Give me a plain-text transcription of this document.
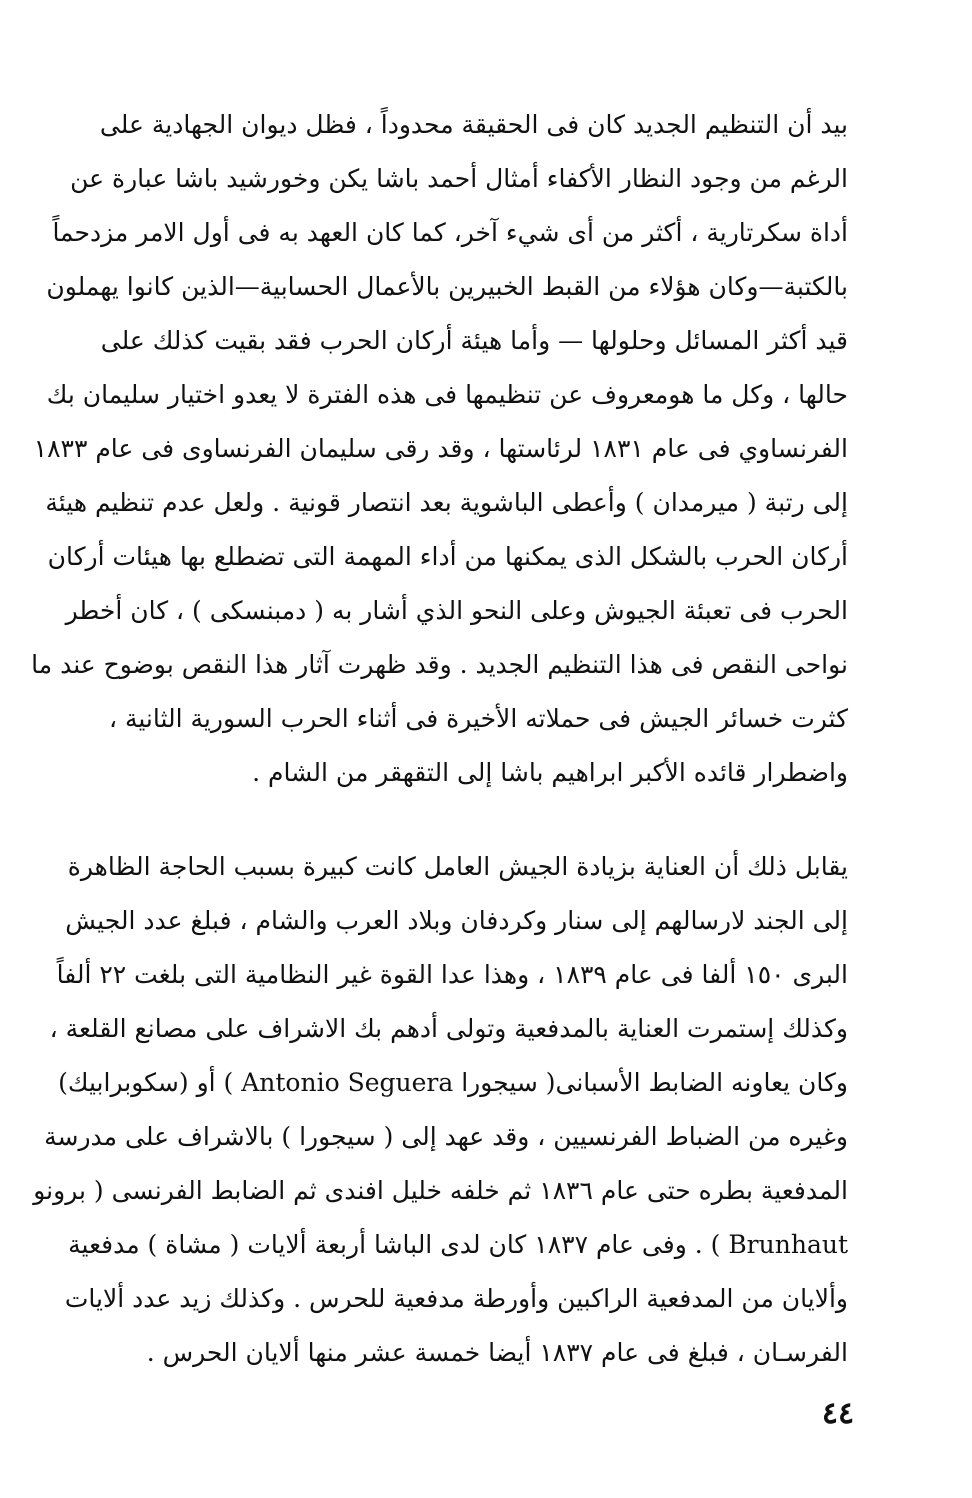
بيد أن التنظيم الجديد كان فى الحقيقة محدوداً ، فظل ديوان الجهادية على
الرغم من وجود النظار الأكفاء أمثال أحمد باشا يكن وخورشيد باشا عبارة عن
أداة سكرتارية ، أكثر من أى شيء آخر، كما كان العهد به فى أول الامر مزدحماً
بالكتبة—وكان هؤلاء من القبط الخبيرين بالأعمال الحسابية—الذين كانوا يهملون
قيد أكثر المسائل وحلولها — وأما هيئة أركان الحرب فقد بقيت كذلك على
حالها ، وكل ما هومعروف عن تنظيمها فى هذه الفترة لا يعدو اختيار سليمان بك
الفرنساوي فى عام ١٨٣١ لرئاستها ، وقد رقى سليمان الفرنساوى فى عام ١٨٣٣
إلى رتبة ( ميرمدان ) وأعطى الباشوية بعد انتصار قونية . ولعل عدم تنظيم هيئة
أركان الحرب بالشكل الذى يمكنها من أداء المهمة التى تضطلع بها هيئات أركان
الحرب فى تعبئة الجيوش وعلى النحو الذي أشار به ( دمبنسكى ) ، كان أخطر
نواحى النقص فى هذا التنظيم الجديد . وقد ظهرت آثار هذا النقص بوضوح عند ما
كثرت خسائر الجيش فى حملاته الأخيرة فى أثناء الحرب السورية الثانية ،
واضطرار قائده الأكبر ابراهيم باشا إلى التقهقر من الشام .
يقابل ذلك أن العناية بزيادة الجيش العامل كانت كبيرة بسبب الحاجة الظاهرة
إلى الجند لارسالهم إلى سنار وكردفان وبلاد العرب والشام ، فبلغ عدد الجيش
البرى ١٥٠ ألفا فى عام ١٨٣٩ ، وهذا عدا القوة غير النظامية التى بلغت ٢٢ ألفاً
وكذلك إستمرت العناية بالمدفعية وتولى أدهم بك الاشراف على مصانع القلعة ،
وكان يعاونه الضابط الأسبانى( سيجورا Antonio Seguera ) أو (سكوبرابيك)
وغيره من الضباط الفرنسيين ، وقد عهد إلى ( سيجورا ) بالاشراف على مدرسة
المدفعية بطره حتى عام ١٨٣٦ ثم خلفه خليل افندى ثم الضابط الفرنسى ( برونو
Brunhaut ) . وفى عام ١٨٣٧ كان لدى الباشا أربعة ألايات ( مشاة ) مدفعية
وألايان من المدفعية الراكبين وأورطة مدفعية للحرس . وكذلك زيد عدد ألايات
الفرسـان ، فبلغ فى عام ١٨٣٧ أيضا خمسة عشر منها ألايان الحرس .
٤٤
